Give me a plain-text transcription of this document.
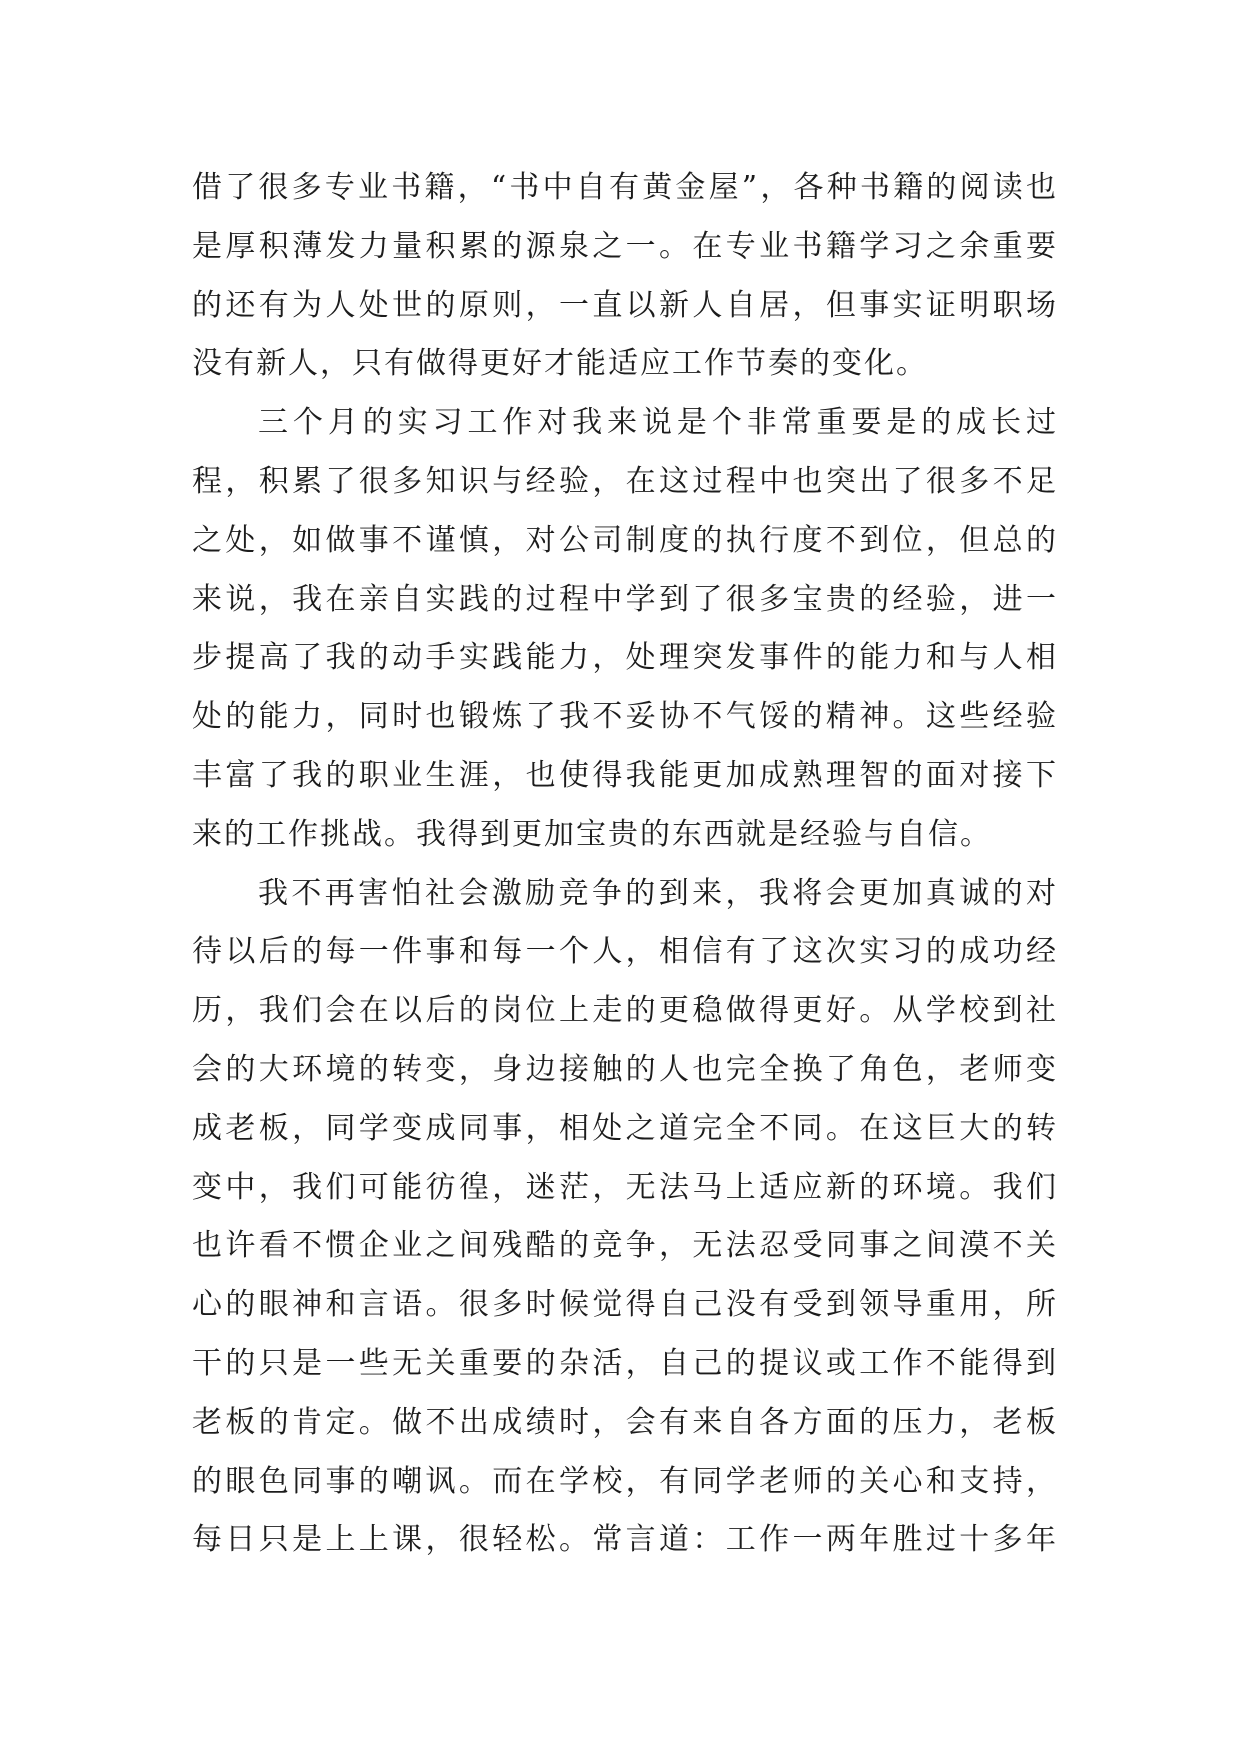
借了很多专业书籍，“书中自有黄金屋”，各种书籍的阅读也
是厚积薄发力量积累的源泉之一。在专业书籍学习之余重要
的还有为人处世的原则，一直以新人自居，但事实证明职场
没有新人，只有做得更好才能适应工作节奏的变化。
三个月的实习工作对我来说是个非常重要是的成长过
程，积累了很多知识与经验，在这过程中也突出了很多不足
之处，如做事不谨慎，对公司制度的执行度不到位，但总的
来说，我在亲自实践的过程中学到了很多宝贵的经验，进一
步提高了我的动手实践能力，处理突发事件的能力和与人相
处的能力，同时也锻炼了我不妥协不气馁的精神。这些经验
丰富了我的职业生涯，也使得我能更加成熟理智的面对接下
来的工作挑战。我得到更加宝贵的东西就是经验与自信。
我不再害怕社会激励竞争的到来，我将会更加真诚的对
待以后的每一件事和每一个人，相信有了这次实习的成功经
历，我们会在以后的岗位上走的更稳做得更好。从学校到社
会的大环境的转变，身边接触的人也完全换了角色，老师变
成老板，同学变成同事，相处之道完全不同。在这巨大的转
变中，我们可能彷徨，迷茫，无法马上适应新的环境。我们
也许看不惯企业之间残酷的竞争，无法忍受同事之间漠不关
心的眼神和言语。很多时候觉得自己没有受到领导重用，所
干的只是一些无关重要的杂活，自己的提议或工作不能得到
老板的肯定。做不出成绩时，会有来自各方面的压力，老板
的眼色同事的嘲讽。而在学校，有同学老师的关心和支持，
每日只是上上课，很轻松。常言道：工作一两年胜过十多年
